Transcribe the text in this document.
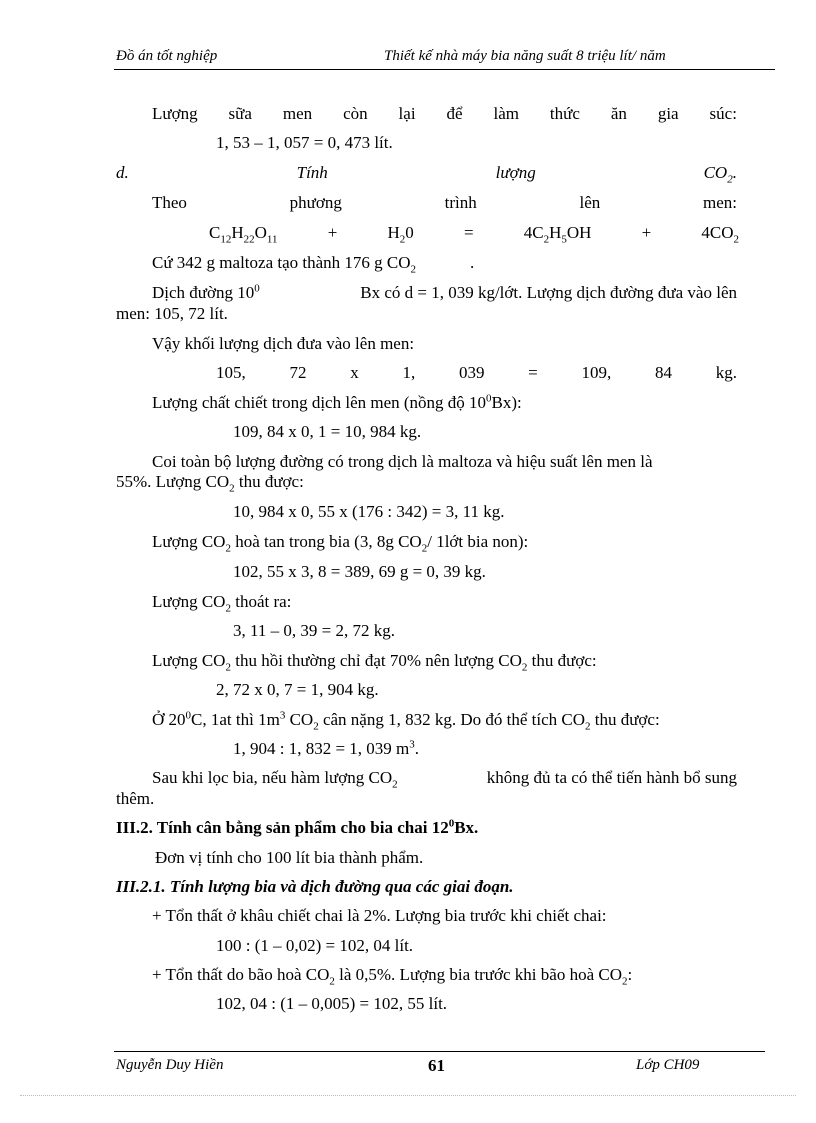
Đồ án tốt nghiệp	Thiết kế nhà máy bia năng suất 8 triệu lít/ năm
Lượng sữa men còn lại để làm thức ăn gia súc:
1, 53 – 1, 057 = 0, 473 lít.
d.	Tính	lượng	$CO_2$.
Theo	phương	trình	lên	men:
$C_{12}H_{22}O_{11}$	+	$H_20$	=	$4C_2H_5OH$	+	$4CO_2$
Cứ 342 g maltoza tạo thành 176 g $CO_2$	.
Dịch đường $10^0$	Bx có d = 1, 039 kg/lớt. Lượng dịch đường đưa vào lên
men: 105, 72 lít.
Vậy khối lượng dịch đưa vào lên men:
105,	72	x	1,	039	=	109,	84	kg.
Lượng chất chiết trong dịch lên men (nồng độ $10^0Bx$):
109, 84 x 0, 1 = 10, 984 kg.
Coi toàn bộ lượng đường có trong dịch là maltoza và hiệu suất lên men là
55%. Lượng $CO_2$ thu được:
10, 984 x 0, 55 x (176 : 342) = 3, 11 kg.
Lượng $CO_2$ hoà tan trong bia (3, 8g $CO_2/$ 1lớt bia non):
102, 55 x 3, 8 = 389, 69 g = 0, 39 kg.
Lượng $CO_2$ thoát ra:
3, 11 – 0, 39 = 2, 72 kg.
Lượng $CO_2$ thu hồi thường chỉ đạt 70% nên lượng $CO_2$ thu được:
2, 72 x 0, 7 = 1, 904 kg.
Ở $20^0C$, 1at thì $1m^3$ $CO_2$ cân nặng 1, 832 kg. Do đó thể tích $CO_2$ thu được:
1, 904 : 1, 832 = 1, 039 $m^3$.
Sau khi lọc bia, nếu hàm lượng $CO_2$	không đủ ta có thể tiến hành bổ sung
thêm.
III.2. Tính cân bằng sản phẩm cho bia chai $12^0Bx$.
Đơn vị tính cho 100 lít bia thành phẩm.
III.2.1. Tính lượng bia và dịch đường qua các giai đoạn.
+ Tổn thất ở khâu chiết chai là 2%. Lượng bia trước khi chiết chai:
100 : (1 – 0,02) = 102, 04 lít.
+ Tổn thất do bão hoà $CO_2$ là 0,5%. Lượng bia trước khi bão hoà $CO_2$:
102, 04 : (1 – 0,005) = 102, 55 lít.
Nguyễn Duy Hiền	61	Lớp CH09
